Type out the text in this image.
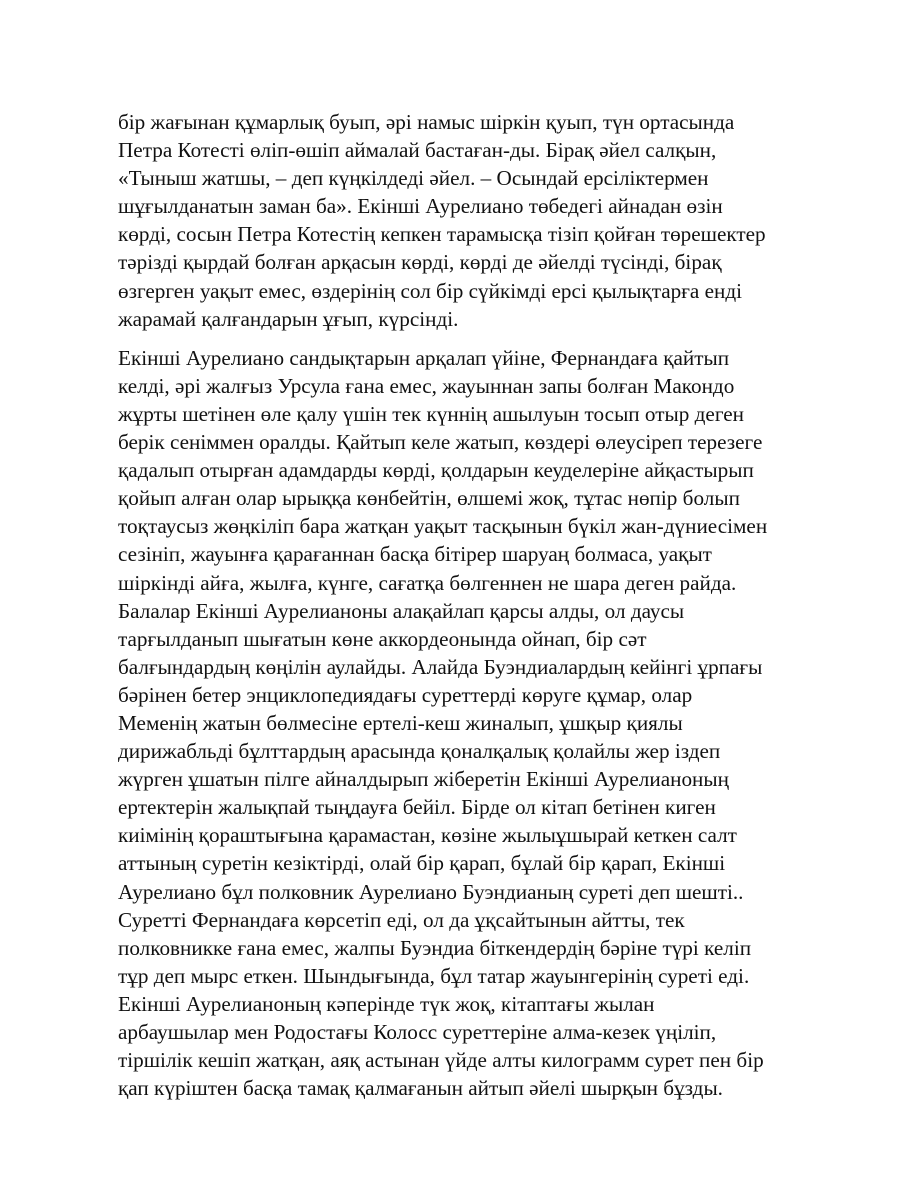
бір жағынан құмарлық буып, әрі намыс шіркін қуып, түн ортасында
Петра Котесті өліп-өшіп аймалай бастаған-ды. Бірақ әйел салқын,
«Тыныш жатшы, – деп күңкілдеді әйел. – Осындай ерсіліктермен
шұғылданатын заман ба». Екінші Аурелиано төбедегі айнадан өзін
көрді, сосын Петра Котестің кепкен тарамысқа тізіп қойған төрешектер
тәрізді қырдай болған арқасын көрді, көрді де әйелді түсінді, бірақ
өзгерген уақыт емес, өздерінің сол бір сүйкімді ерсі қылықтарға енді
жарамай қалғандарын ұғып, күрсінді.

Екінші Аурелиано сандықтарын арқалап үйіне, Фернандаға қайтып
келді, әрі жалғыз Урсула ғана емес, жауыннан запы болған Макондо
жұрты шетінен өле қалу үшін тек күннің ашылуын тосып отыр деген
берік сеніммен оралды. Қайтып келе жатып, көздері өлеусіреп терезеге
қадалып отырған адамдарды көрді, қолдарын кеуделеріне айқастырып
қойып алған олар ырыққа көнбейтін, өлшемі жоқ, тұтас нөпір болып
тоқтаусыз жөңкіліп бара жатқан уақыт тасқынын бүкіл жан-дүниесімен
сезініп, жауынға қарағаннан басқа бітірер шаруаң болмаса, уақыт
шіркінді айға, жылға, күнге, сағатқа бөлгеннен не шара деген райда.
Балалар Екінші Аурелианоны алақайлап қарсы алды, ол даусы
тарғылданып шығатын көне аккордеонында ойнап, бір сәт
балғындардың көңілін аулайды. Алайда Буэндиалардың кейінгі ұрпағы
бәрінен бетер энциклопедиядағы суреттерді көруге құмар, олар
Меменің жатын бөлмесіне ертелі-кеш жиналып, ұшқыр қиялы
дирижабльді бұлттардың арасында қоналқалық қолайлы жер іздеп
жүрген ұшатын пілге айналдырып жіберетін Екінші Аурелианоның
ертектерін жалықпай тыңдауға бейіл. Бірде ол кітап бетінен киген
киімінің қораштығына қарамастан, көзіне жылыұшырай кеткен салт
аттының суретін кезіктірді, олай бір қарап, бұлай бір қарап, Екінші
Аурелиано бұл полковник Аурелиано Буэндианың суреті деп шешті..
Суретті Фернандаға көрсетіп еді, ол да ұқсайтынын айтты, тек
полковникке ғана емес, жалпы Буэндиа біткендердің бәріне түрі келіп
тұр деп мырс еткен. Шындығында, бұл татар жауынгерінің суреті еді.
Екінші Аурелианоның кәперінде түк жоқ, кітаптағы жылан
арбаушылар мен Родостағы Колосс суреттеріне алма-кезек үңіліп,
тіршілік кешіп жатқан, аяқ астынан үйде алты килограмм сурет пен бір
қап күріштен басқа тамақ қалмағанын айтып әйелі шырқын бұзды.
